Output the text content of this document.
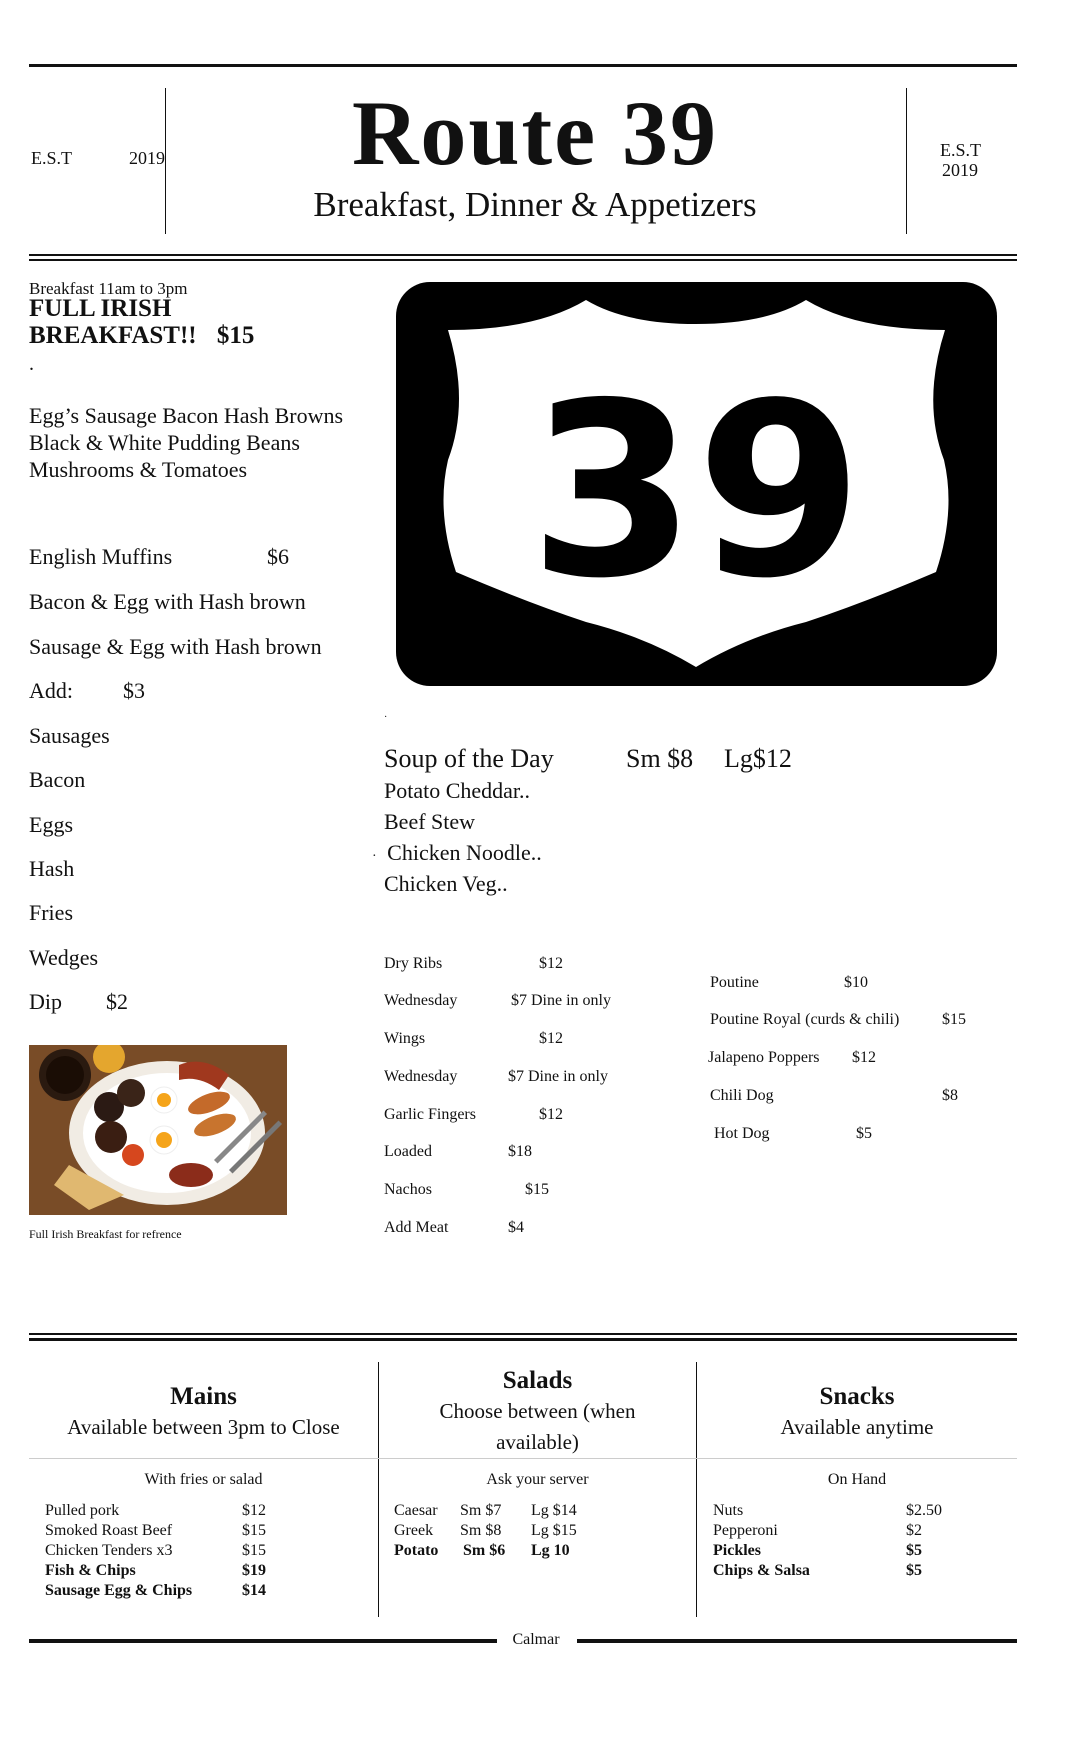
E.S.T	2019	Route 39
Breakfast, Dinner & Appetizers
E.S.T
2019
Breakfast 11am to 3pm
FULL IRISH
BREAKFAST!! $15
.
Egg’s Sausage Bacon Hash Browns
Black & White Pudding Beans
Mushrooms & Tomatoes
English Muffins	$6
Bacon & Egg with Hash brown
Sausage & Egg with Hash brown
Add: $3
Sausages
Bacon
Eggs
Hash
Fries
Wedges
Dip $2
Full Irish Breakfast for refrence
39
·
Soup of the Day	Sm $8 Lg$12
Potato Cheddar..
Beef Stew
· Chicken Noodle..
Chicken Veg..
Dry Ribs	$12
Wednesday	$7 Dine in only
Wings	$12
Wednesday	$7 Dine in only
Garlic Fingers	$12
Loaded	$18
Nachos	$15
Add Meat	$4
Poutine	$10
Poutine Royal (curds & chili)	$15
Jalapeno Poppers $12
Chili Dog	$8
Hot Dog	$5
Mains
Available between 3pm to Close
With fries or salad
Pulled pork	$12
Smoked Roast Beef	$15
Chicken Tenders x3	$15
Fish & Chips	$19
Sausage Egg & Chips	$14
Salads
Choose between (when
available)
Ask your server
Caesar	Sm $7	Lg $14
Greek	Sm $8	Lg $15
Potato	Sm $6	Lg 10
Snacks
Available anytime
On Hand
Nuts	$2.50
Pepperoni	$2
Pickles	$5
Chips & Salsa	$5
Calmar
